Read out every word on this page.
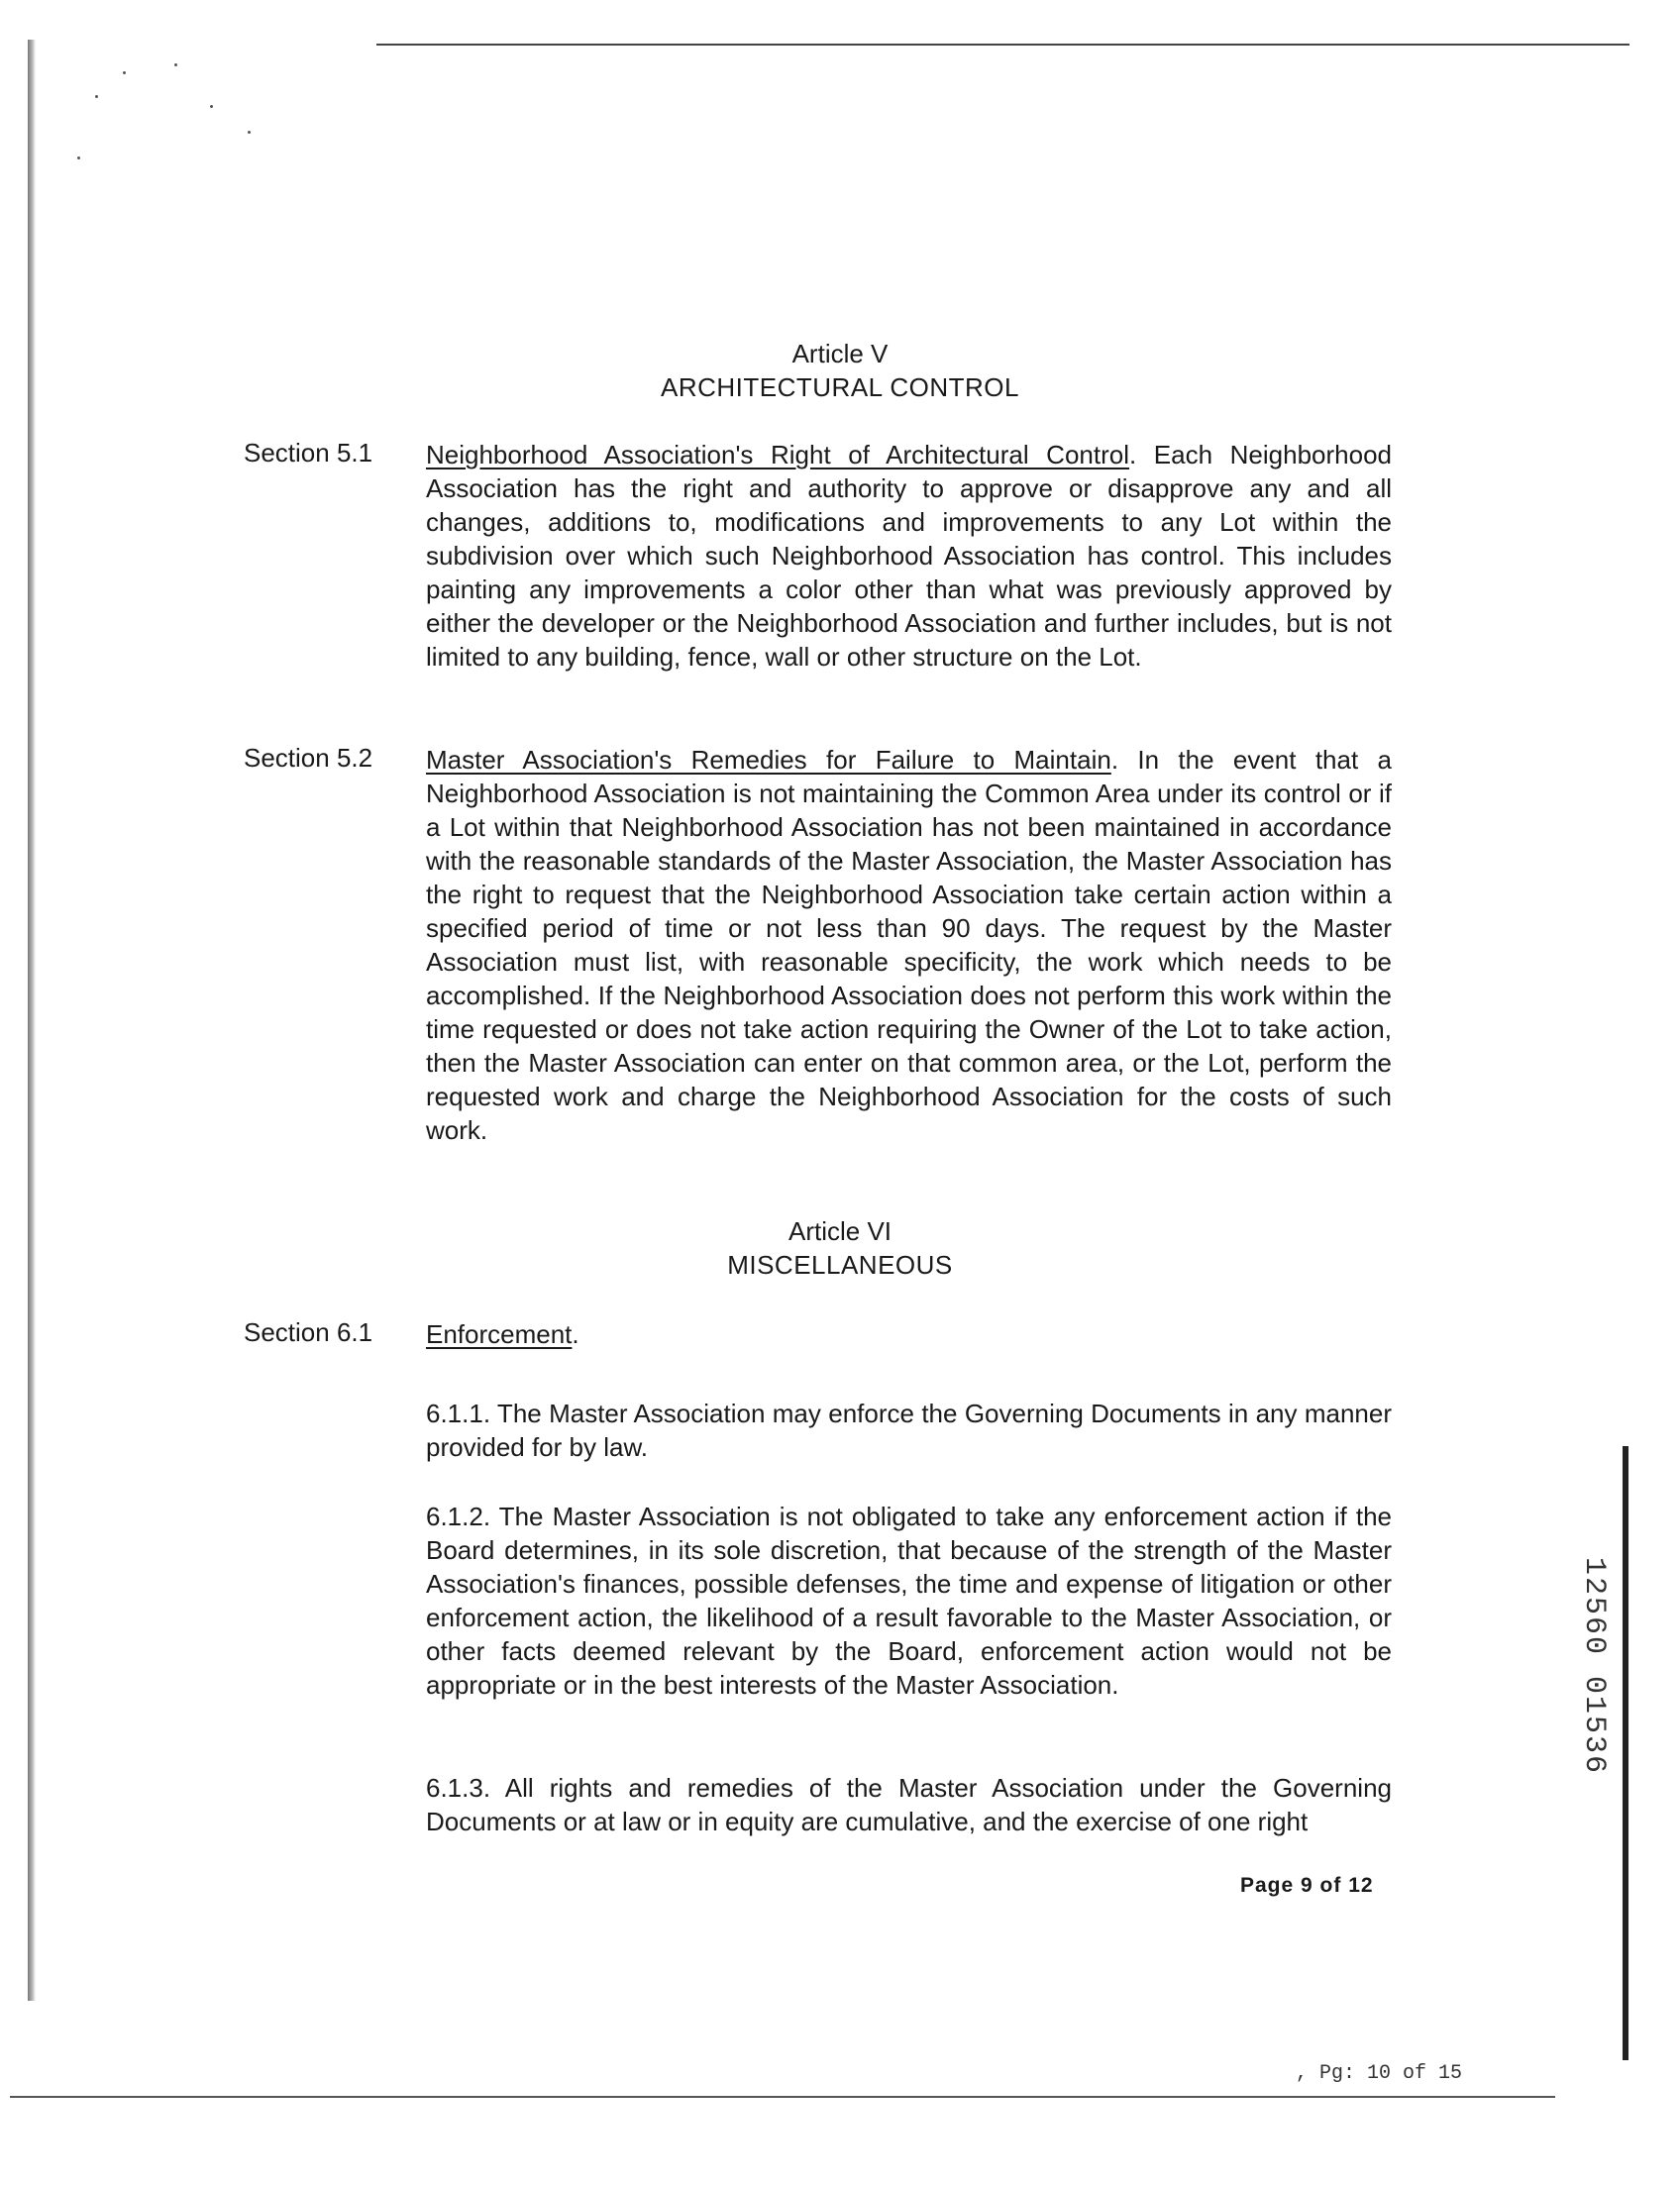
Article V
ARCHITECTURAL CONTROL
Section 5.1 Neighborhood Association's Right of Architectural Control. Each Neighborhood Association has the right and authority to approve or disapprove any and all changes, additions to, modifications and improvements to any Lot within the subdivision over which such Neighborhood Association has control. This includes painting any improvements a color other than what was previously approved by either the developer or the Neighborhood Association and further includes, but is not limited to any building, fence, wall or other structure on the Lot.

Section 5.2 Master Association's Remedies for Failure to Maintain. In the event that a Neighborhood Association is not maintaining the Common Area under its control or if a Lot within that Neighborhood Association has not been maintained in accordance with the reasonable standards of the Master Association, the Master Association has the right to request that the Neighborhood Association take certain action within a specified period of time or not less than 90 days. The request by the Master Association must list, with reasonable specificity, the work which needs to be accomplished. If the Neighborhood Association does not perform this work within the time requested or does not take action requiring the Owner of the Lot to take action, then the Master Association can enter on that common area, or the Lot, perform the requested work and charge the Neighborhood Association for the costs of such work.

Article VI
MISCELLANEOUS
Section 6.1 Enforcement.

6.1.1. The Master Association may enforce the Governing Documents in any manner provided for by law.

6.1.2. The Master Association is not obligated to take any enforcement action if the Board determines, in its sole discretion, that because of the strength of the Master Association's finances, possible defenses, the time and expense of litigation or other enforcement action, the likelihood of a result favorable to the Master Association, or other facts deemed relevant by the Board, enforcement action would not be appropriate or in the best interests of the Master Association.

6.1.3. All rights and remedies of the Master Association under the Governing Documents or at law or in equity are cumulative, and the exercise of one right

Page 9 of 12
, Pg: 10 of 15
12560 01536
